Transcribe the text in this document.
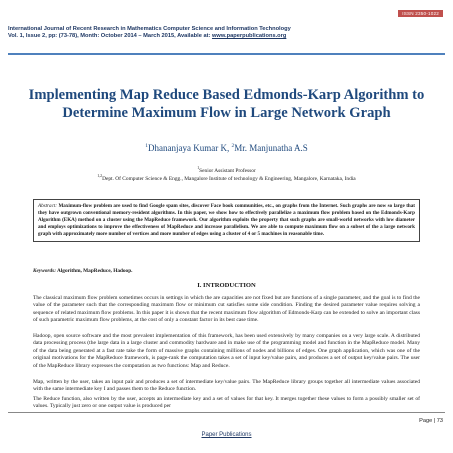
ISSN 2350-1022
International Journal of Recent Research in Mathematics Computer Science and Information Technology
Vol. 1, Issue 2, pp: (73-78), Month: October 2014 – March 2015, Available at: www.paperpublications.org
Implementing Map Reduce Based Edmonds-Karp Algorithm to Determine Maximum Flow in Large Network Graph
$^1$Dhananjaya Kumar K, $^2$Mr. Manjunatha A.S
$^1$Senior Assistant Professor
$^{1,2}$Dept. Of Computer Science & Engg., Mangalore Institute of technology & Engineering, Mangalore, Karnataka, India
Abstract: Maximum-flow problem are used to find Google spam sites, discover Face book communities, etc., on graphs from the Internet. Such graphs are now so large that they have outgrown conventional memory-resident algorithms. In this paper, we show how to effectively parallelize a maximum flow problem based on the Edmonds-Karp Algorithm (EKA) method on a cluster using the MapReduce framework. Our algorithm exploits the property that such graphs are small-world networks with low diameter and employs optimizations to improve the effectiveness of MapReduce and increase parallelism. We are able to compute maximum flow on a subset of the a large network graph with approximately more number of vertices and more number of edges using a cluster of 4 or 5 machines in reasonable time.
Keywords: Algorithm, MapReduce, Hadoop.
I. INTRODUCTION
The classical maximum flow problem sometimes occurs in settings in which the are capacities are not fixed but are functions of a single parameter, and the goal is to find the value of the parameter such that the corresponding maximum flow or minimum cut satisfies some side condition. Finding the desired parameter value requires solving a sequence of related maximum flow problems. In this paper it is shown that the recent maximum flow algorithm of Edmonds-Karp can be extended to solve an important class of such parametric maximum flow problems, at the cost of only a constant factor in its best case time.
Hadoop, open source software and the most prevalent implementation of this framework, has been used extensively by many companies on a very large scale. A distributed data processing process (the large data in a large cluster and commodity hardware and in make use of the programming model and function in the MapReduce model. Many of the data being generated at a fast rate take the form of massive graphs containing millions of nodes and billions of edges. One graph application, which was one of the original motivations for the MapReduce framework, is page-rank the computation takes a set of input key/value pairs, and produces a set of output key/value pairs. The user of the MapReduce library expresses the computation as two functions: Map and Reduce.
Map, written by the user, takes an input pair and produces a set of intermediate key/value pairs. The MapReduce library groups together all intermediate values associated with the same intermediate key I and passes them to the Reduce function.
The Reduce function, also written by the user, accepts an intermediate key and a set of values for that key. It merges together these values to form a possibly smaller set of values. Typically just zero or one output value is produced per
Page | 73
Paper Publications
